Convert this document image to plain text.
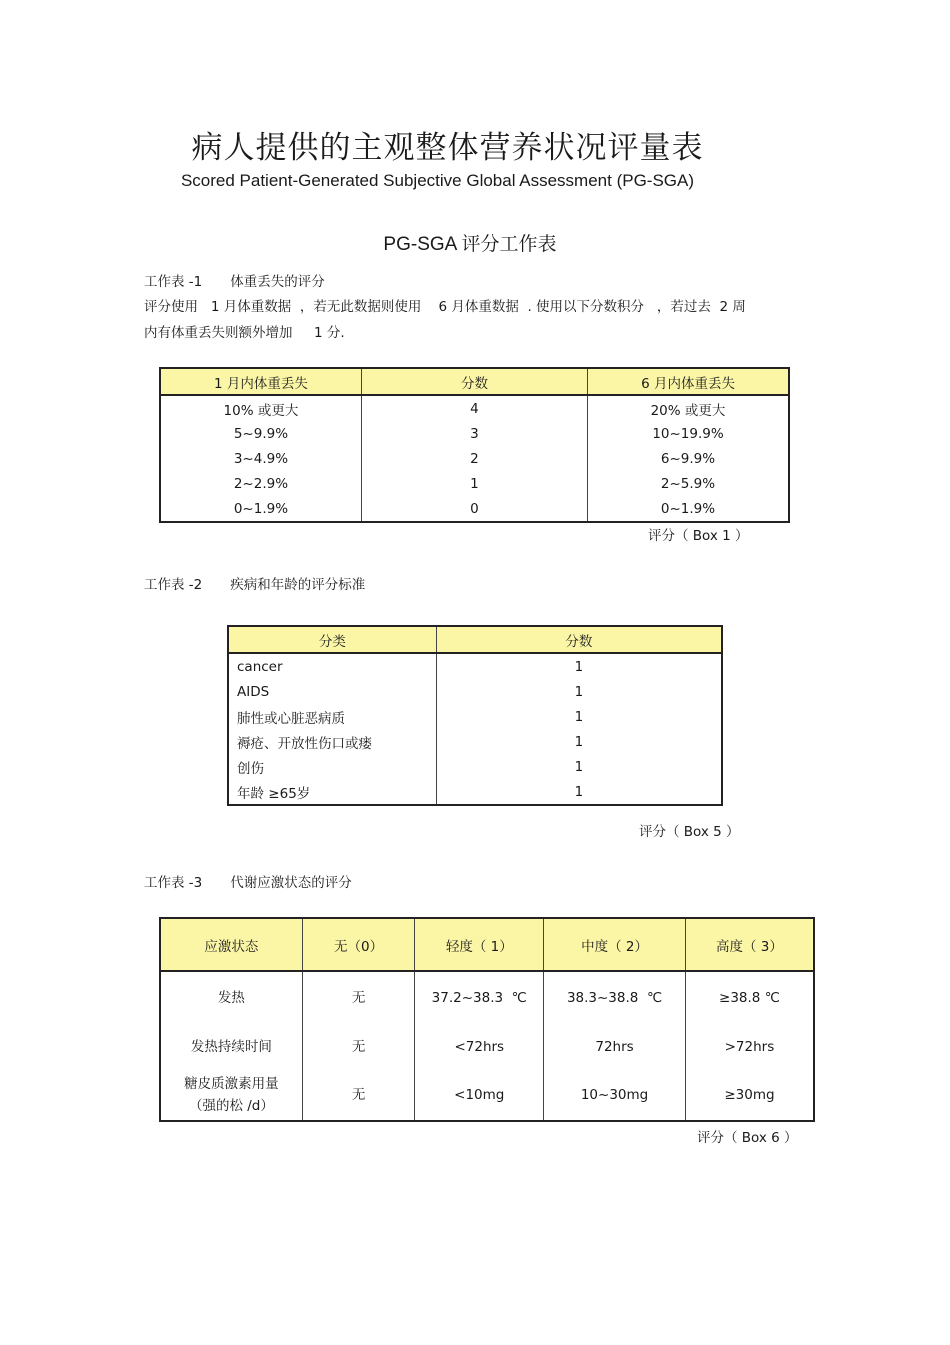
病人提供的主观整体营养状况评量表
Scored Patient-Generated Subjective Global Assessment (PG-SGA)
PG-SGA 评分工作表
工作表 -1 体重丢失的评分
评分使用   1 月体重数据  ，若无此数据则使用    6 月体重数据  . 使用以下分数积分   ，若过去  2 周
内有体重丢失则额外增加     1 分.
1 月内体重丢失	分数	6 月内体重丢失
10% 或更大	4	20% 或更大
5~9.9%	3	10~19.9%
3~4.9%	2	6~9.9%
2~2.9%	1	2~5.9%
0~1.9%	0	0~1.9%
评分（ Box 1 ）
工作表 -2 疾病和年龄的评分标准
分类	分数
cancer	1
AIDS	1
肺性或心脏恶病质	1
褥疮、开放性伤口或瘘	1
创伤	1
年龄 ≥65岁	1
评分（ Box 5 ）
工作表 -3 代谢应激状态的评分
应激状态	无（0）	轻度（ 1）	中度（ 2）	高度（ 3）
发热	无	37.2~38.3  ℃	38.3~38.8  ℃	≥38.8 ℃
发热持续时间	无	<72hrs	72hrs	>72hrs
糖皮质激素用量
（强的松 /d）	无	<10mg	10~30mg	≥30mg
评分（ Box 6 ）
